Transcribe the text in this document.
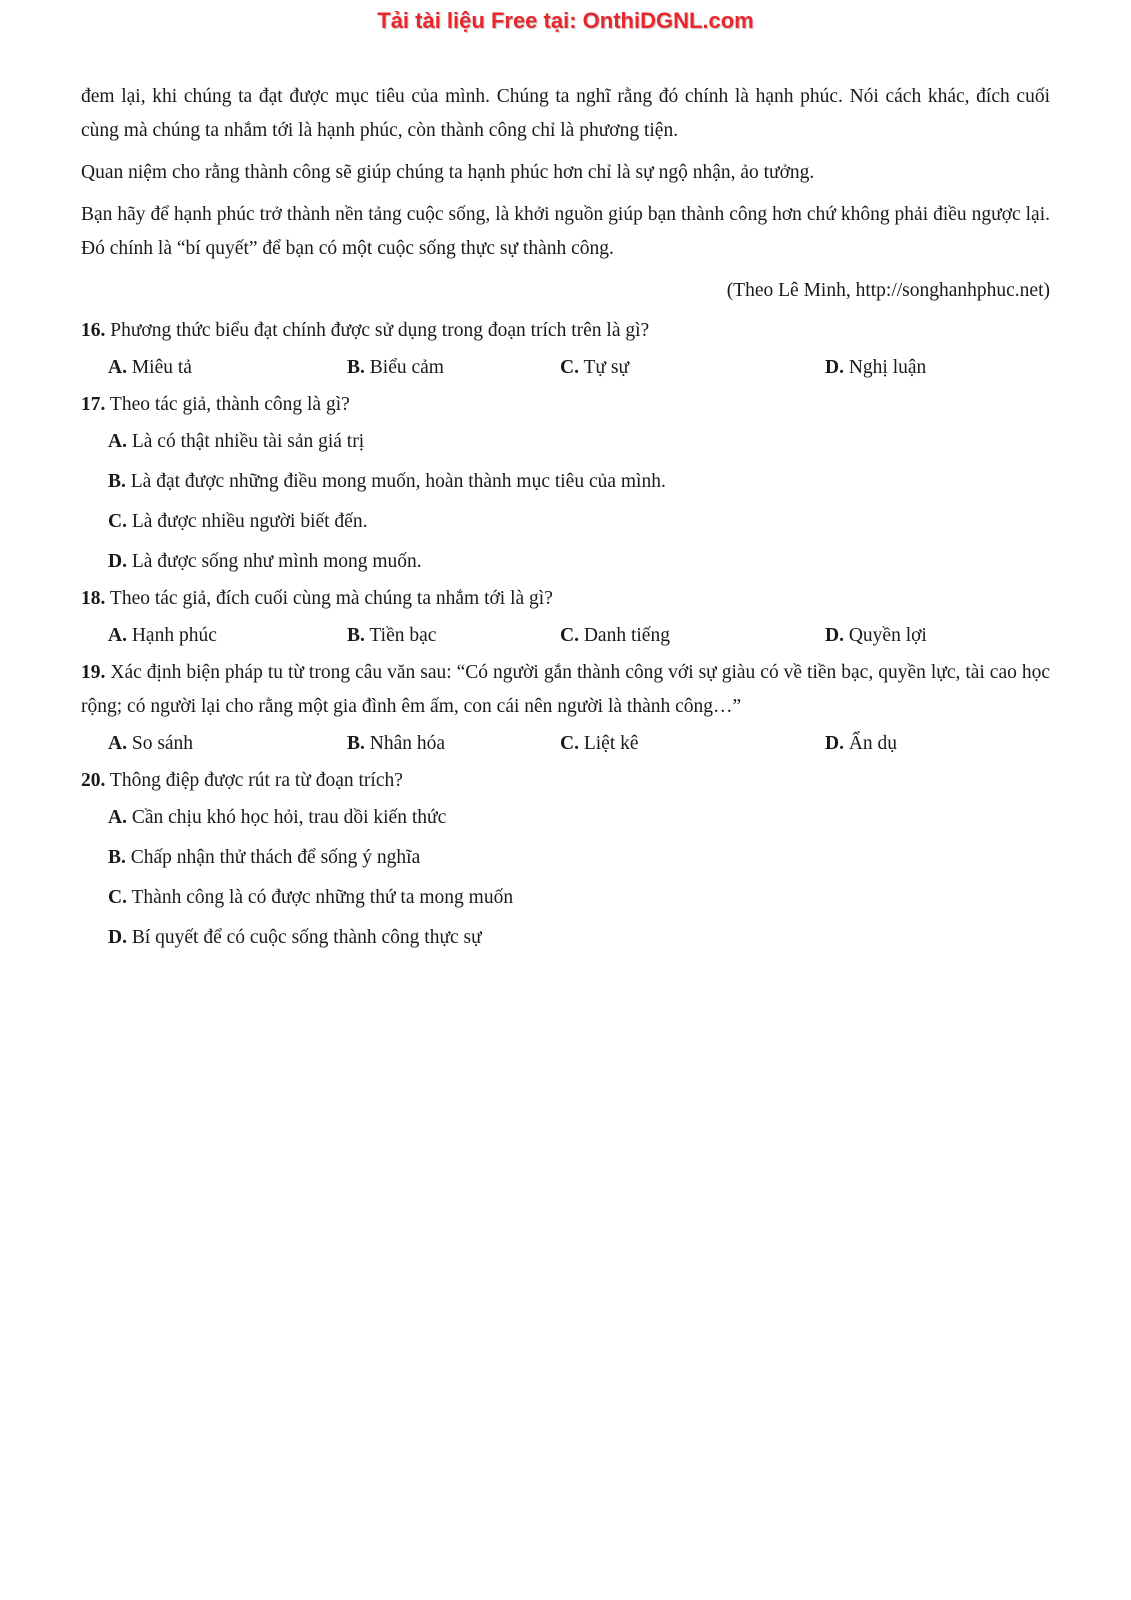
Tải tài liệu Free tại: OnthiDGNL.com

đem lại, khi chúng ta đạt được mục tiêu của mình. Chúng ta nghĩ rằng đó chính là hạnh phúc. Nói cách khác, đích cuối cùng mà chúng ta nhắm tới là hạnh phúc, còn thành công chỉ là phương tiện.

Quan niệm cho rằng thành công sẽ giúp chúng ta hạnh phúc hơn chỉ là sự ngộ nhận, ảo tưởng.

Bạn hãy để hạnh phúc trở thành nền tảng cuộc sống, là khởi nguồn giúp bạn thành công hơn chứ không phải điều ngược lại. Đó chính là “bí quyết” để bạn có một cuộc sống thực sự thành công.

(Theo Lê Minh, http://songhanhphuc.net)

16. Phương thức biểu đạt chính được sử dụng trong đoạn trích trên là gì?

A. Miêu tả	B. Biểu cảm	C. Tự sự	D. Nghị luận

17. Theo tác giả, thành công là gì?

A. Là có thật nhiều tài sản giá trị
B. Là đạt được những điều mong muốn, hoàn thành mục tiêu của mình.
C. Là được nhiều người biết đến.
D. Là được sống như mình mong muốn.

18. Theo tác giả, đích cuối cùng mà chúng ta nhắm tới là gì?

A. Hạnh phúc	B. Tiền bạc	C. Danh tiếng	D. Quyền lợi

19. Xác định biện pháp tu từ trong câu văn sau: “Có người gắn thành công với sự giàu có về tiền bạc, quyền lực, tài cao học rộng; có người lại cho rằng một gia đình êm ấm, con cái nên người là thành công…”

A. So sánh	B. Nhân hóa	C. Liệt kê	D. Ẩn dụ

20. Thông điệp được rút ra từ đoạn trích?

A. Cần chịu khó học hỏi, trau dồi kiến thức
B. Chấp nhận thử thách để sống ý nghĩa
C. Thành công là có được những thứ ta mong muốn
D. Bí quyết để có cuộc sống thành công thực sự
